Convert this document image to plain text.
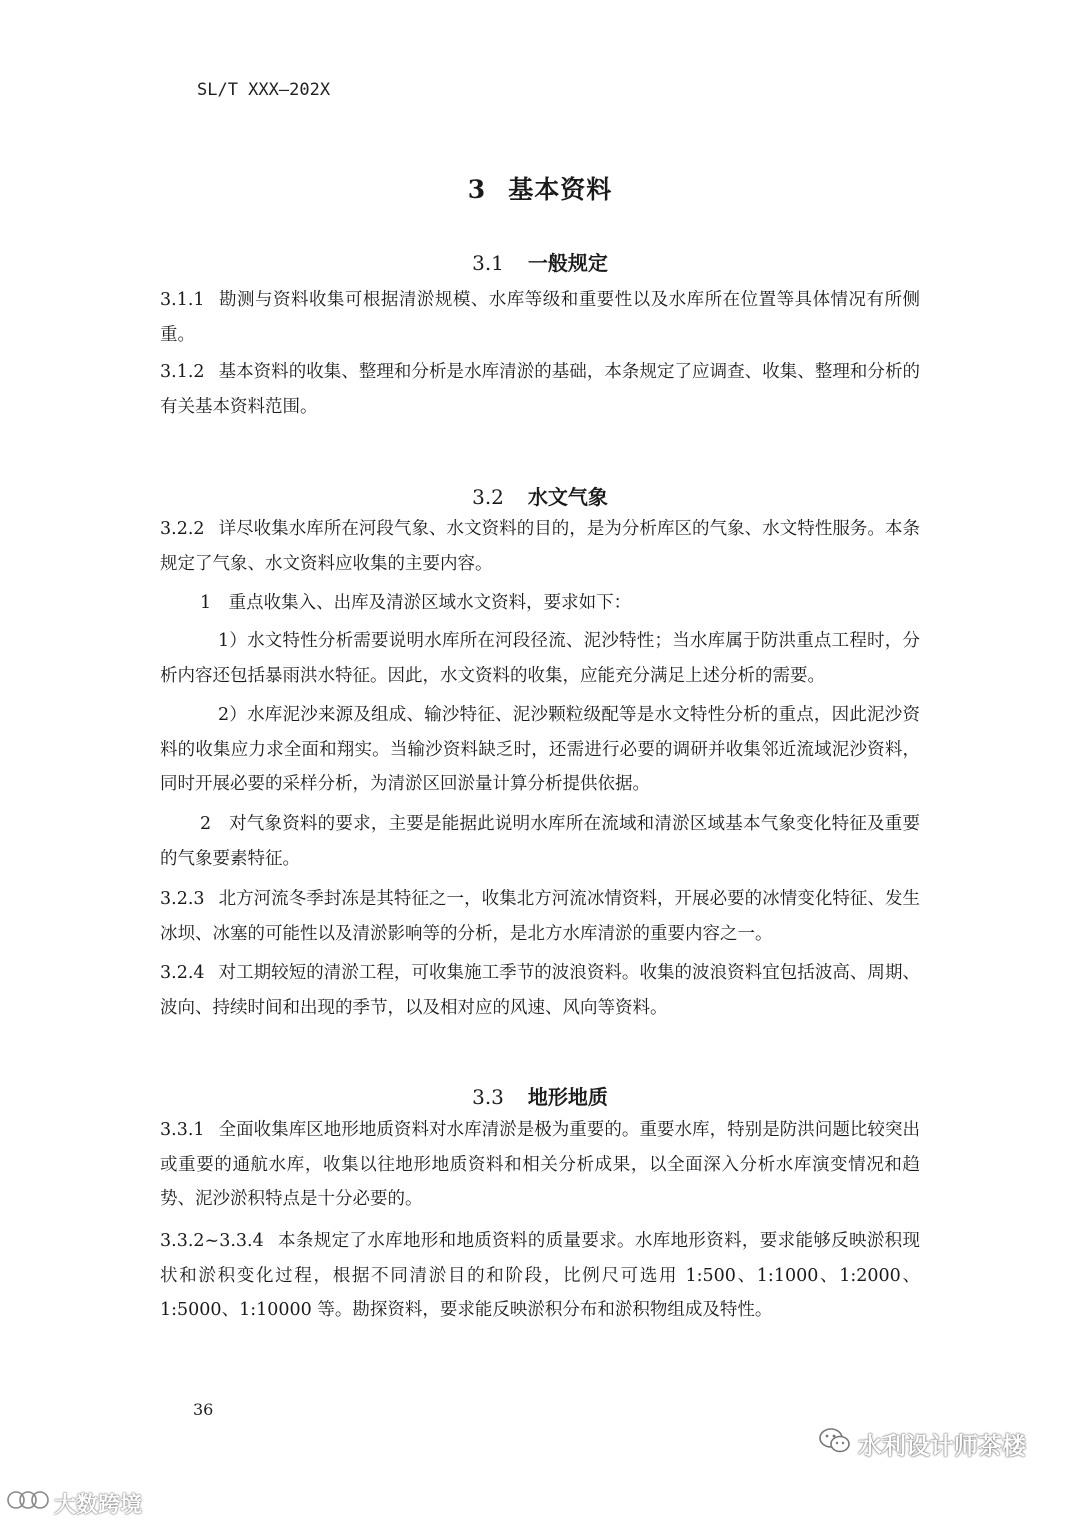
SL/T XXX—202X
3 基本资料
3.1 一般规定
3.1.1 勘测与资料收集可根据清淤规模、水库等级和重要性以及水库所在位置等具体情况有所侧重。
3.1.2 基本资料的收集、整理和分析是水库清淤的基础，本条规定了应调查、收集、整理和分析的有关基本资料范围。
3.2 水文气象
3.2.2 详尽收集水库所在河段气象、水文资料的目的，是为分析库区的气象、水文特性服务。本条规定了气象、水文资料应收集的主要内容。
1　重点收集入、出库及清淤区域水文资料，要求如下：
1）水文特性分析需要说明水库所在河段径流、泥沙特性；当水库属于防洪重点工程时，分析内容还包括暴雨洪水特征。因此，水文资料的收集，应能充分满足上述分析的需要。
2）水库泥沙来源及组成、输沙特征、泥沙颗粒级配等是水文特性分析的重点，因此泥沙资料的收集应力求全面和翔实。当输沙资料缺乏时，还需进行必要的调研并收集邻近流域泥沙资料，同时开展必要的采样分析，为清淤区回淤量计算分析提供依据。
2　对气象资料的要求，主要是能据此说明水库所在流域和清淤区域基本气象变化特征及重要的气象要素特征。
3.2.3 北方河流冬季封冻是其特征之一，收集北方河流冰情资料，开展必要的冰情变化特征、发生冰坝、冰塞的可能性以及清淤影响等的分析，是北方水库清淤的重要内容之一。
3.2.4 对工期较短的清淤工程，可收集施工季节的波浪资料。收集的波浪资料宜包括波高、周期、波向、持续时间和出现的季节，以及相对应的风速、风向等资料。
3.3 地形地质
3.3.1 全面收集库区地形地质资料对水库清淤是极为重要的。重要水库，特别是防洪问题比较突出或重要的通航水库，收集以往地形地质资料和相关分析成果，以全面深入分析水库演变情况和趋势、泥沙淤积特点是十分必要的。
3.3.2~3.3.4 本条规定了水库地形和地质资料的质量要求。水库地形资料，要求能够反映淤积现状和淤积变化过程，根据不同清淤目的和阶段，比例尺可选用 1:500、1:1000、1:2000、1:5000、1:10000 等。勘探资料，要求能反映淤积分布和淤积物组成及特性。
36
水利设计师茶楼
大数跨境
